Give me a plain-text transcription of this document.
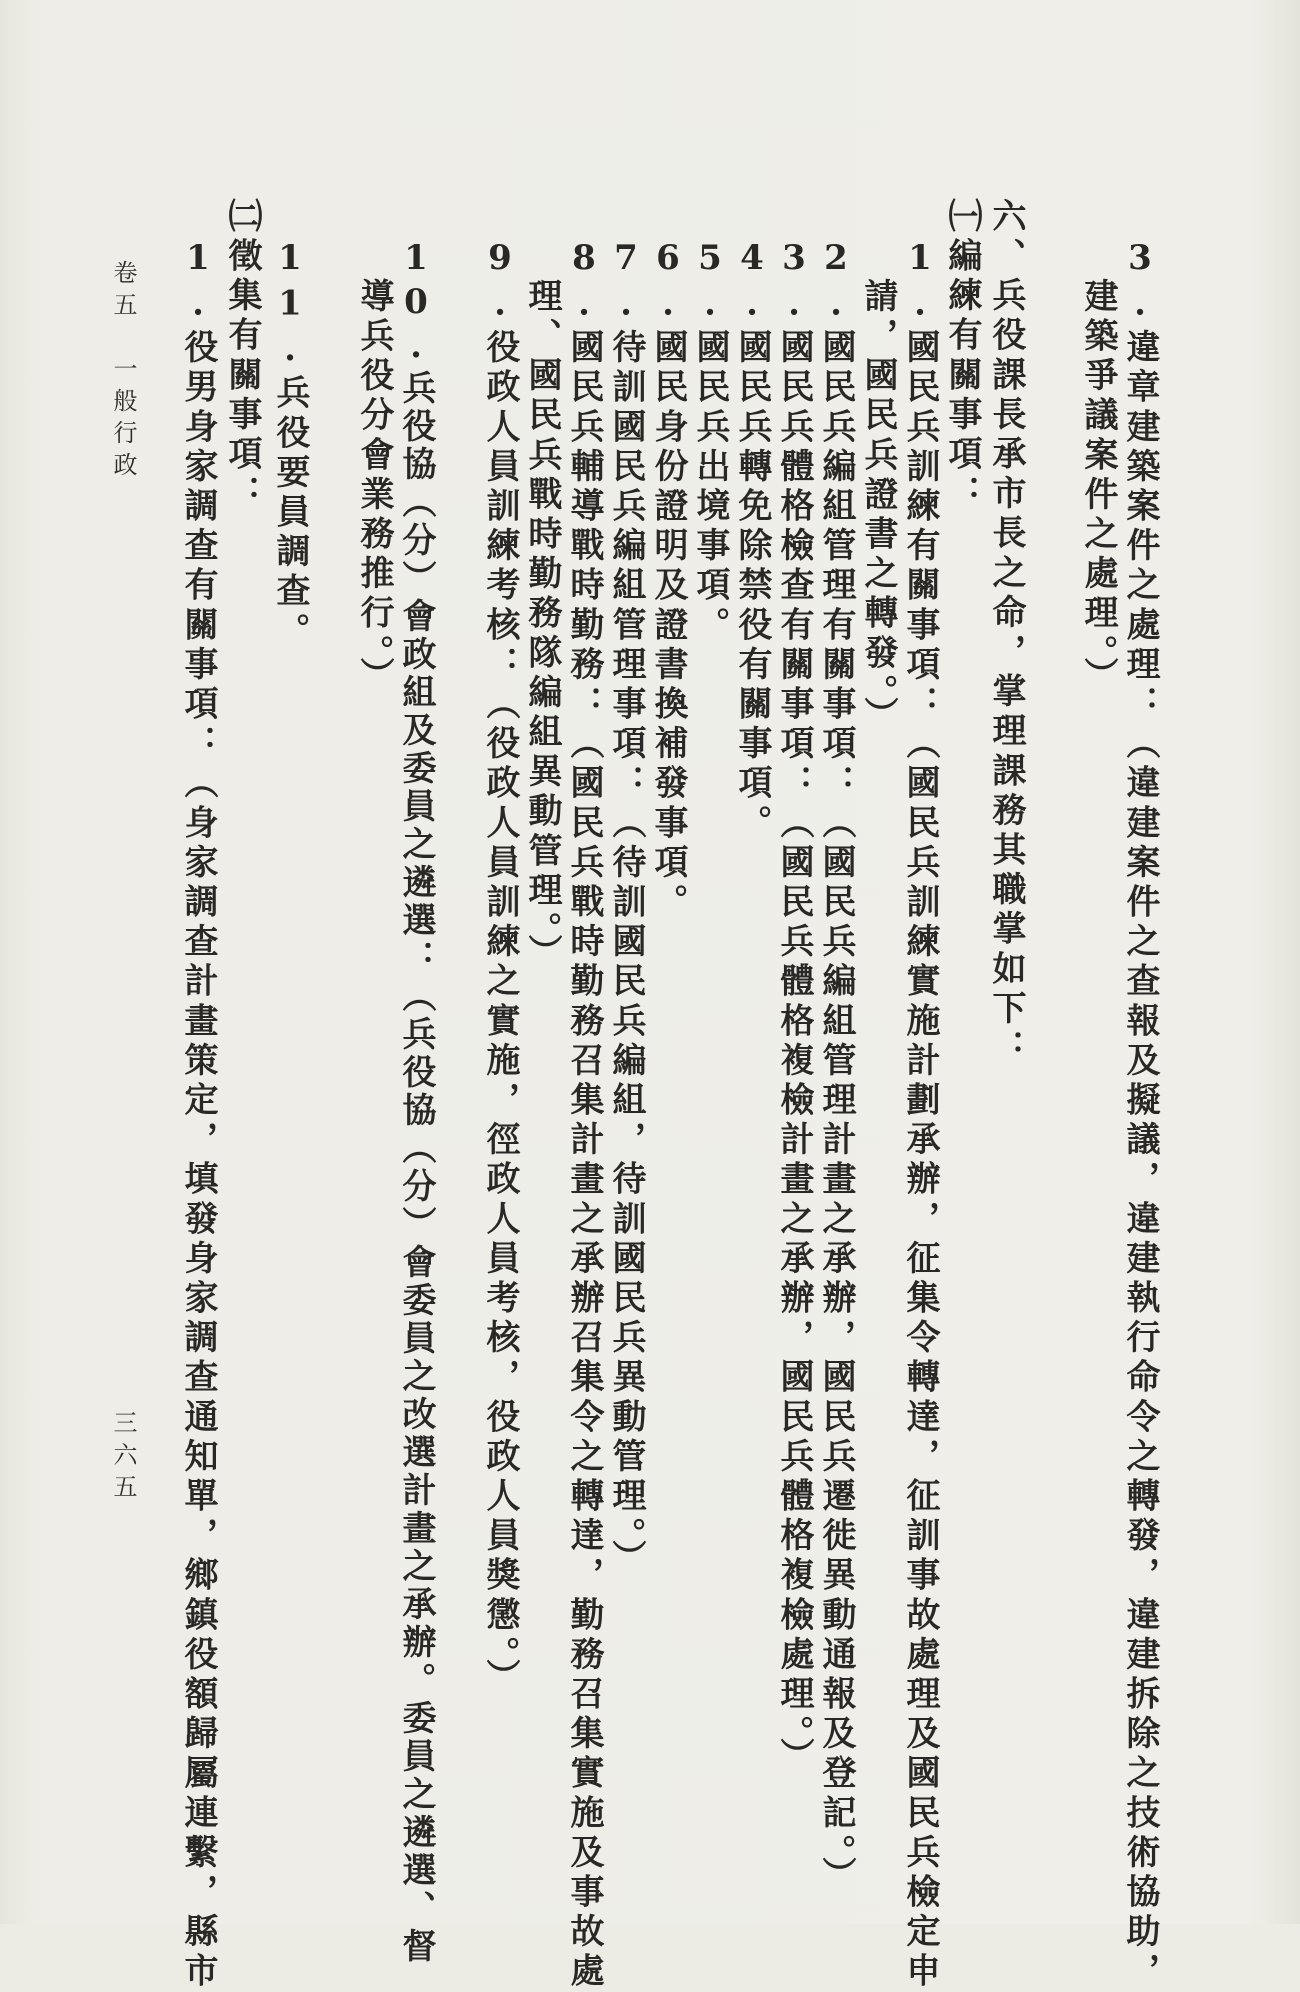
3.違章建築案件之處理：（違建案件之查報及擬議，違建執行命令之轉發，違建拆除之技術協助，
建築爭議案件之處理。）
六、兵役課長承市長之命，掌理課務其職掌如下：
㈠編練有關事項：
1.國民兵訓練有關事項：（國民兵訓練實施計劃承辦，征集令轉達，征訓事故處理及國民兵檢定申
請，國民兵證書之轉發。）
2.國民兵編組管理有關事項：（國民兵編組管理計畫之承辦，國民兵遷徙異動通報及登記。）
3.國民兵體格檢查有關事項：（國民兵體格複檢計畫之承辦，國民兵體格複檢處理。）
4.國民兵轉免除禁役有關事項。
5.國民兵出境事項。
6.國民身份證明及證書換補發事項。
7.待訓國民兵編組管理事項：（待訓國民兵編組，待訓國民兵異動管理。）
8.國民兵輔導戰時勤務：（國民兵戰時勤務召集計畫之承辦召集令之轉達，勤務召集實施及事故處
理、國民兵戰時勤務隊編組異動管理。）
9.役政人員訓練考核：（役政人員訓練之實施，徑政人員考核，役政人員獎懲。）
10.兵役協（分）會政組及委員之遴選：（兵役協（分）會委員之改選計畫之承辦。委員之遴選、督
導兵役分會業務推行。）
11.兵役要員調查。
㈡徵集有關事項：
1.役男身家調查有關事項：（身家調查計畫策定，填發身家調查通知單，鄉鎮役額歸屬連繫，縣市
卷五　一般行政
三六五
